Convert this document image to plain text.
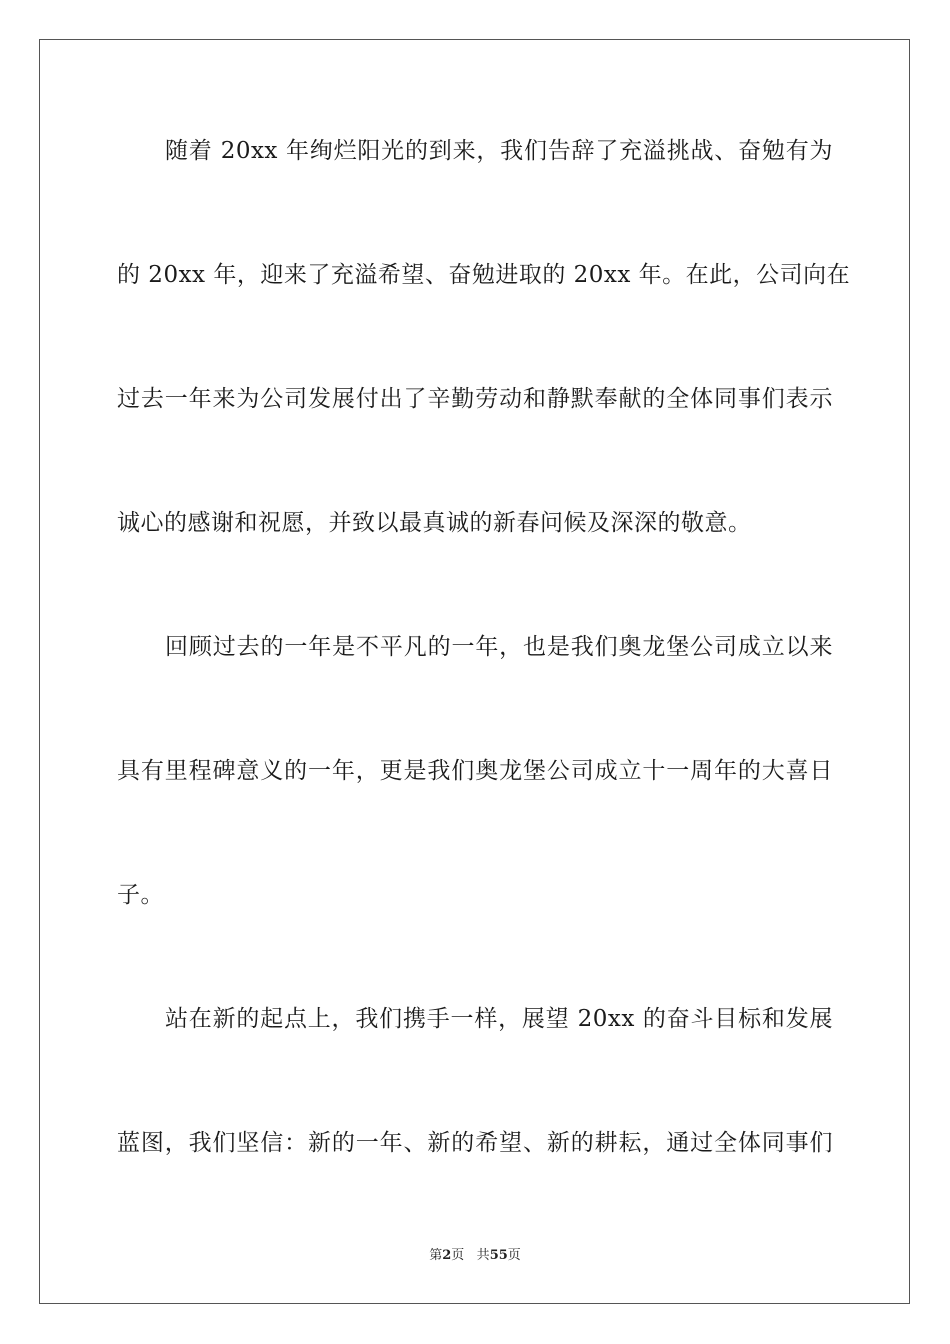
随着 20xx 年绚烂阳光的到来，我们告辞了充溢挑战、奋勉有为
的 20xx 年，迎来了充溢希望、奋勉进取的 20xx 年。在此，公司向在
过去一年来为公司发展付出了辛勤劳动和静默奉献的全体同事们表示
诚心的感谢和祝愿，并致以最真诚的新春问候及深深的敬意。
回顾过去的一年是不平凡的一年，也是我们奥龙堡公司成立以来
具有里程碑意义的一年，更是我们奥龙堡公司成立十一周年的大喜日
子。
站在新的起点上，我们携手一样，展望 20xx 的奋斗目标和发展
蓝图，我们坚信：新的一年、新的希望、新的耕耘，通过全体同事们
第2页 共55页
